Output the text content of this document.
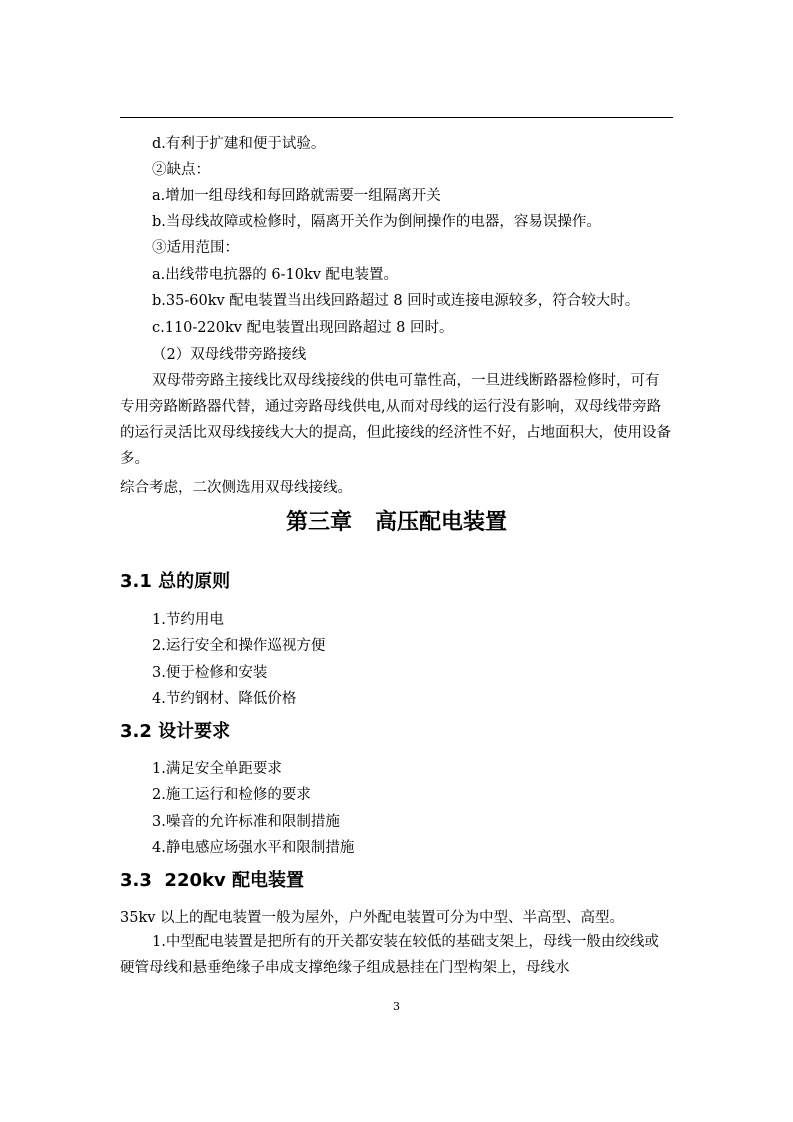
d.有利于扩建和便于试验。
②缺点：
a.增加一组母线和每回路就需要一组隔离开关
b.当母线故障或检修时，隔离开关作为倒闸操作的电器，容易误操作。
③适用范围：
a.出线带电抗器的 6-10kv 配电装置。
b.35-60kv 配电装置当出线回路超过 8 回时或连接电源较多，符合较大时。
c.110-220kv 配电装置出现回路超过 8 回时。
（2）双母线带旁路接线
双母带旁路主接线比双母线接线的供电可靠性高，一旦进线断路器检修时，可有专用旁路断路器代替，通过旁路母线供电,从而对母线的运行没有影响，双母线带旁路的运行灵活比双母线接线大大的提高，但此接线的经济性不好，占地面积大，使用设备多。
综合考虑，二次侧选用双母线接线。
第三章   高压配电装置
3.1 总的原则
1.节约用电
2.运行安全和操作巡视方便
3.便于检修和安装
4.节约钢材、降低价格
3.2 设计要求
1.满足安全单距要求
2.施工运行和检修的要求
3.噪音的允许标准和限制措施
4.静电感应场强水平和限制措施
3.3  220kv 配电装置
35kv 以上的配电装置一般为屋外，户外配电装置可分为中型、半高型、高型。
1.中型配电装置是把所有的开关都安装在较低的基础支架上，母线一般由绞线或硬管母线和悬垂绝缘子串成支撑绝缘子组成悬挂在门型构架上，母线水
3
